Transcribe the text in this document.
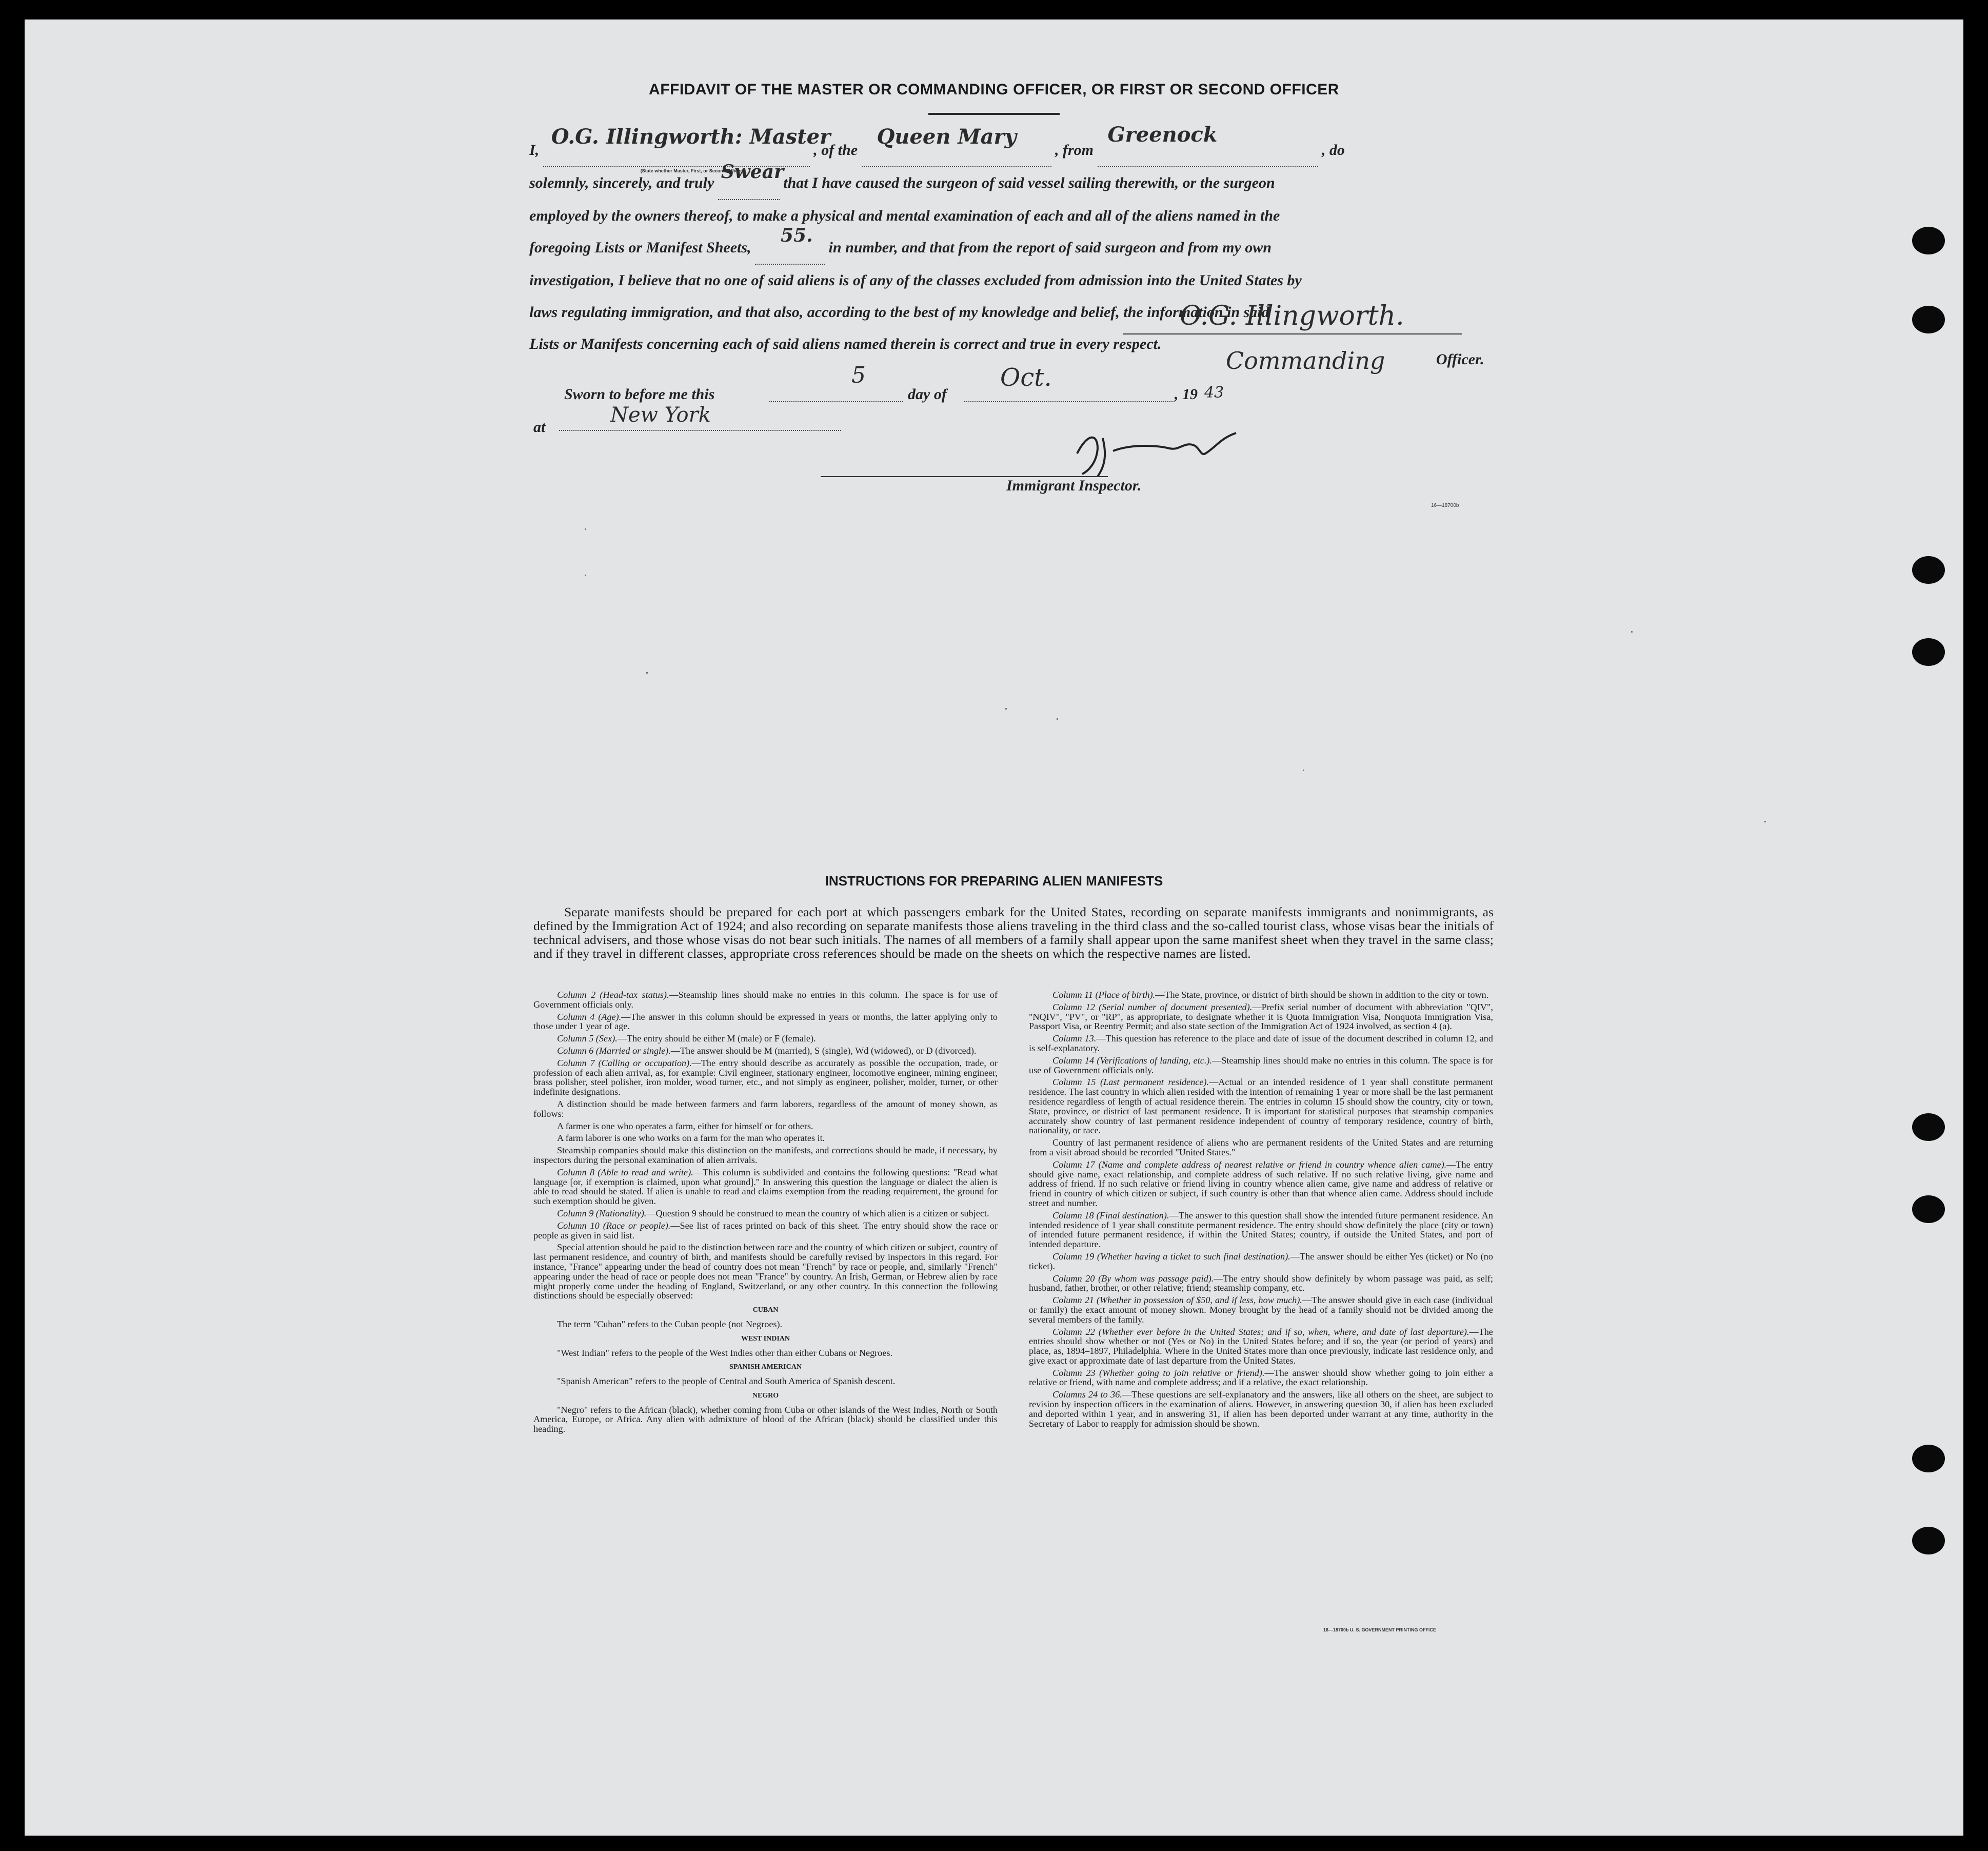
AFFIDAVIT OF THE MASTER OR COMMANDING OFFICER, OR FIRST OR SECOND OFFICER
I,
O.G. Illingworth: Master
(State whether Master, First, or Second Officer)
, of the
Queen Mary
, from
Greenock
, do
solemnly, sincerely, and truly
Swear
that I have caused the surgeon of said vessel sailing therewith, or the surgeon
employed by the owners thereof, to make a physical and mental examination of each and all of the aliens named in the
foregoing Lists or Manifest Sheets,
55.
in number, and that from the report of said surgeon and from my own
investigation, I believe that no one of said aliens is of any of the classes excluded from admission into the United States by
laws regulating immigration, and that also, according to the best of my knowledge and belief, the information in said
Lists or Manifests concerning each of said aliens named therein is correct and true in every respect.
O.G. Illingworth.
Commanding	Officer.
Sworn to before me this
5
day of
Oct.
, 19 43
at
New York
Immigrant Inspector.
16—18700b
INSTRUCTIONS FOR PREPARING ALIEN MANIFESTS
Separate manifests should be prepared for each port at which passengers embark for the United States, recording on separate manifests immigrants and nonimmigrants, as defined by the Immigration Act of 1924; and also recording on separate manifests those aliens traveling in the third class and the so-called tourist class, whose visas bear the initials of technical advisers, and those whose visas do not bear such initials. The names of all members of a family shall appear upon the same manifest sheet when they travel in the same class; and if they travel in different classes, appropriate cross references should be made on the sheets on which the respective names are listed.

Column 2 (Head-tax status).—Steamship lines should make no entries in this column. The space is for use of Government officials only.

Column 4 (Age).—The answer in this column should be expressed in years or months, the latter applying only to those under 1 year of age.

Column 5 (Sex).—The entry should be either M (male) or F (female).

Column 6 (Married or single).—The answer should be M (married), S (single), Wd (widowed), or D (divorced).

Column 7 (Calling or occupation).—The entry should describe as accurately as possible the occupation, trade, or profession of each alien arrival, as, for example: Civil engineer, stationary engineer, locomotive engineer, mining engineer, brass polisher, steel polisher, iron molder, wood turner, etc., and not simply as engineer, polisher, molder, turner, or other indefinite designations.

A distinction should be made between farmers and farm laborers, regardless of the amount of money shown, as follows:

A farmer is one who operates a farm, either for himself or for others.

A farm laborer is one who works on a farm for the man who operates it.

Steamship companies should make this distinction on the manifests, and corrections should be made, if necessary, by inspectors during the personal examination of alien arrivals.

Column 8 (Able to read and write).—This column is subdivided and contains the following questions: "Read what language [or, if exemption is claimed, upon what ground]." In answering this question the language or dialect the alien is able to read should be stated. If alien is unable to read and claims exemption from the reading requirement, the ground for such exemption should be given.

Column 9 (Nationality).—Question 9 should be construed to mean the country of which alien is a citizen or subject.

Column 10 (Race or people).—See list of races printed on back of this sheet. The entry should show the race or people as given in said list.

Special attention should be paid to the distinction between race and the country of which citizen or subject, country of last permanent residence, and country of birth, and manifests should be carefully revised by inspectors in this regard. For instance, "France" appearing under the head of country does not mean "French" by race or people, and, similarly "French" appearing under the head of race or people does not mean "France" by country. An Irish, German, or Hebrew alien by race might properly come under the heading of England, Switzerland, or any other country. In this connection the following distinctions should be especially observed:

CUBAN

The term "Cuban" refers to the Cuban people (not Negroes).

WEST INDIAN

"West Indian" refers to the people of the West Indies other than either Cubans or Negroes.

SPANISH AMERICAN

"Spanish American" refers to the people of Central and South America of Spanish descent.

NEGRO

"Negro" refers to the African (black), whether coming from Cuba or other islands of the West Indies, North or South America, Europe, or Africa. Any alien with admixture of blood of the African (black) should be classified under this heading.

Column 11 (Place of birth).—The State, province, or district of birth should be shown in addition to the city or town.

Column 12 (Serial number of document presented).—Prefix serial number of document with abbreviation "QIV", "NQIV", "PV", or "RP", as appropriate, to designate whether it is Quota Immigration Visa, Nonquota Immigration Visa, Passport Visa, or Reentry Permit; and also state section of the Immigration Act of 1924 involved, as section 4 (a).

Column 13.—This question has reference to the place and date of issue of the document described in column 12, and is self-explanatory.

Column 14 (Verifications of landing, etc.).—Steamship lines should make no entries in this column. The space is for use of Government officials only.

Column 15 (Last permanent residence).—Actual or an intended residence of 1 year shall constitute permanent residence. The last country in which alien resided with the intention of remaining 1 year or more shall be the last permanent residence regardless of length of actual residence therein. The entries in column 15 should show the country, city or town, State, province, or district of last permanent residence. It is important for statistical purposes that steamship companies accurately show country of last permanent residence independent of country of temporary residence, country of birth, nationality, or race.

Country of last permanent residence of aliens who are permanent residents of the United States and are returning from a visit abroad should be recorded "United States."

Column 17 (Name and complete address of nearest relative or friend in country whence alien came).—The entry should give name, exact relationship, and complete address of such relative. If no such relative living, give name and address of friend. If no such relative or friend living in country whence alien came, give name and address of relative or friend in country of which citizen or subject, if such country is other than that whence alien came. Address should include street and number.

Column 18 (Final destination).—The answer to this question shall show the intended future permanent residence. An intended residence of 1 year shall constitute permanent residence. The entry should show definitely the place (city or town) of intended future permanent residence, if within the United States; country, if outside the United States, and port of intended departure.

Column 19 (Whether having a ticket to such final destination).—The answer should be either Yes (ticket) or No (no ticket).

Column 20 (By whom was passage paid).—The entry should show definitely by whom passage was paid, as self; husband, father, brother, or other relative; friend; steamship company, etc.

Column 21 (Whether in possession of $50, and if less, how much).—The answer should give in each case (individual or family) the exact amount of money shown. Money brought by the head of a family should not be divided among the several members of the family.

Column 22 (Whether ever before in the United States; and if so, when, where, and date of last departure).—The entries should show whether or not (Yes or No) in the United States before; and if so, the year (or period of years) and place, as, 1894–1897, Philadelphia. Where in the United States more than once previously, indicate last residence only, and give exact or approximate date of last departure from the United States.

Column 23 (Whether going to join relative or friend).—The answer should show whether going to join either a relative or friend, with name and complete address; and if a relative, the exact relationship.

Columns 24 to 36.—These questions are self-explanatory and the answers, like all others on the sheet, are subject to revision by inspection officers in the examination of aliens. However, in answering question 30, if alien has been excluded and deported within 1 year, and in answering 31, if alien has been deported under warrant at any time, authority in the Secretary of Labor to reapply for admission should be shown.

16—18700b U. S. GOVERNMENT PRINTING OFFICE
